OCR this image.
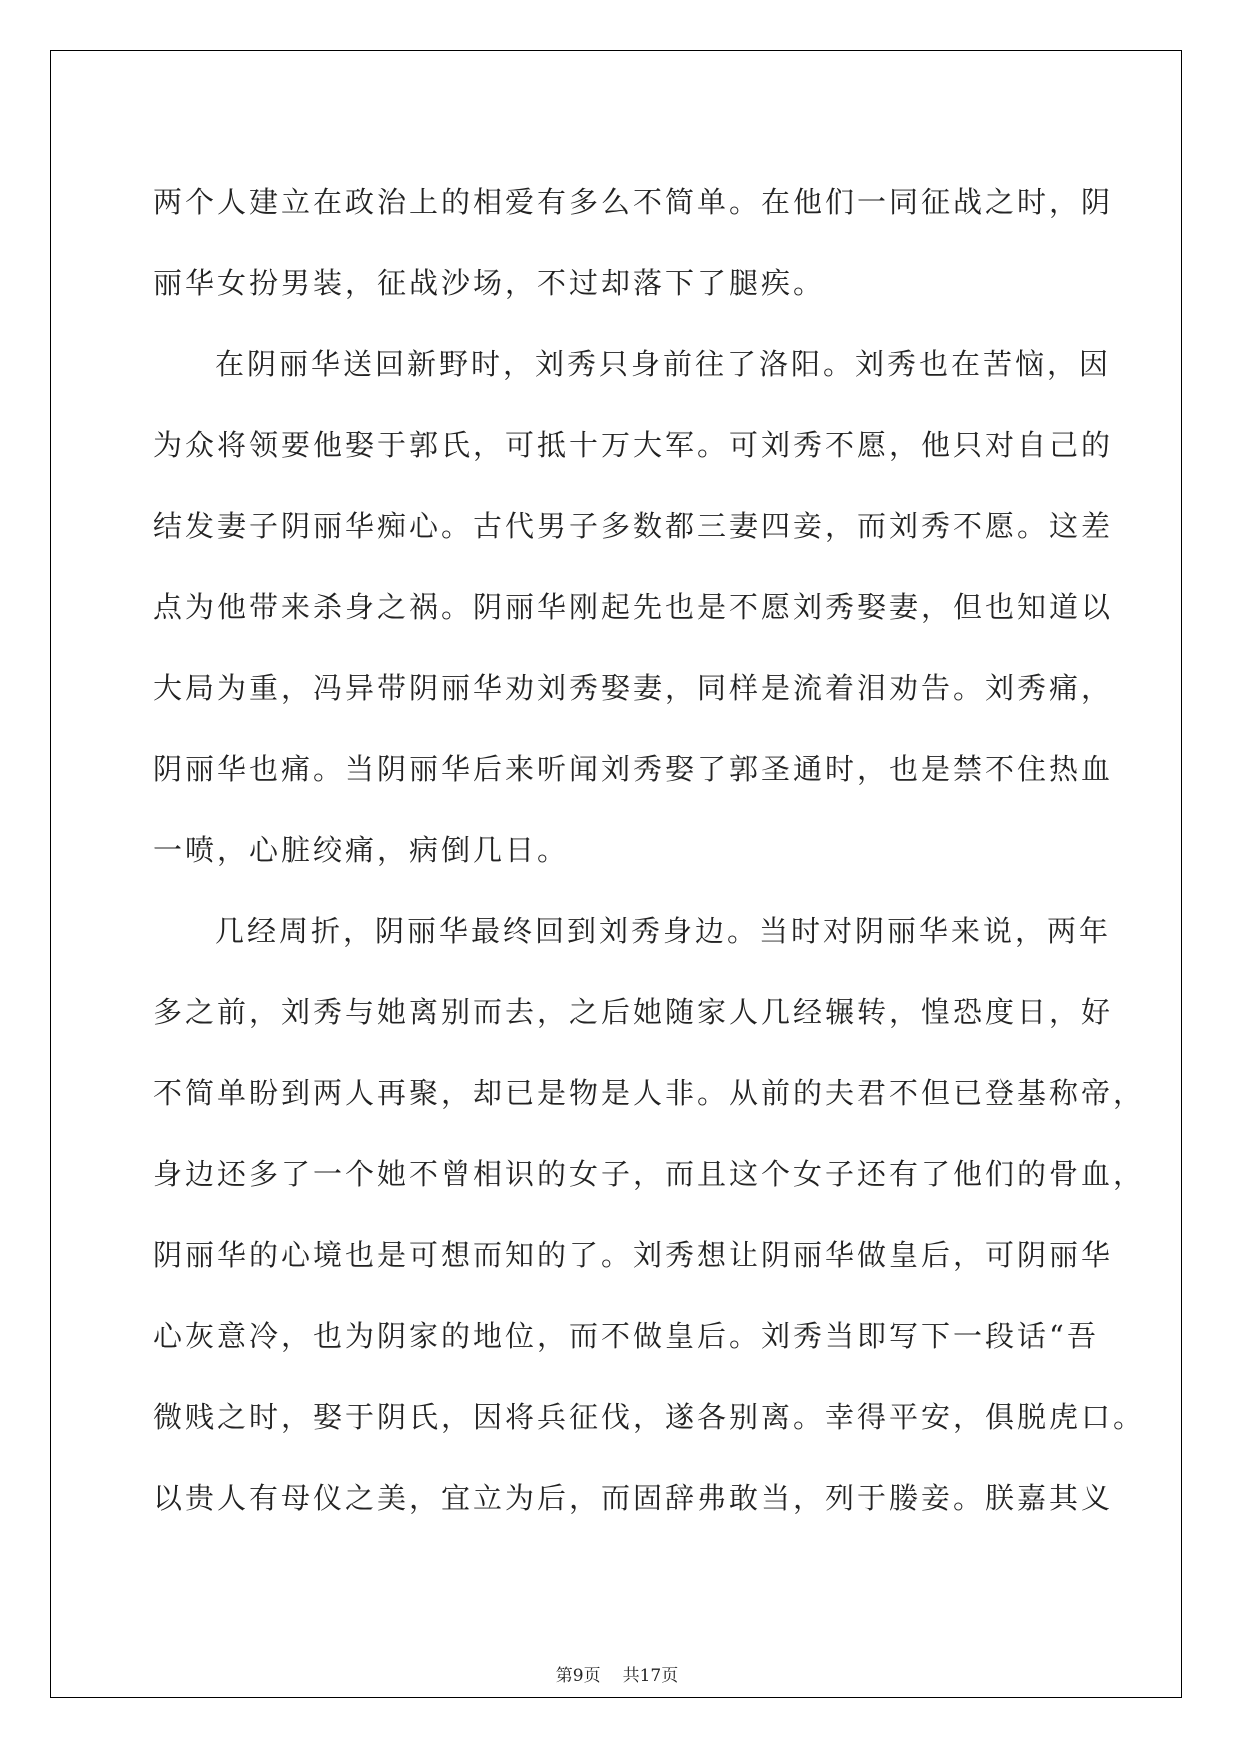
第9页 共17页

两个人建立在政治上的相爱有多么不简单。在他们一同征战之时，阴
丽华女扮男装，征战沙场，不过却落下了腿疾。

在阴丽华送回新野时，刘秀只身前往了洛阳。刘秀也在苦恼，因
为众将领要他娶于郭氏，可抵十万大军。可刘秀不愿，他只对自己的
结发妻子阴丽华痴心。古代男子多数都三妻四妾，而刘秀不愿。这差
点为他带来杀身之祸。阴丽华刚起先也是不愿刘秀娶妻，但也知道以
大局为重，冯异带阴丽华劝刘秀娶妻，同样是流着泪劝告。刘秀痛，
阴丽华也痛。当阴丽华后来听闻刘秀娶了郭圣通时，也是禁不住热血
一喷，心脏绞痛，病倒几日。

几经周折，阴丽华最终回到刘秀身边。当时对阴丽华来说，两年
多之前，刘秀与她离别而去，之后她随家人几经辗转，惶恐度日，好
不简单盼到两人再聚，却已是物是人非。从前的夫君不但已登基称帝，
身边还多了一个她不曾相识的女子，而且这个女子还有了他们的骨血，
阴丽华的心境也是可想而知的了。刘秀想让阴丽华做皇后，可阴丽华
心灰意冷，也为阴家的地位，而不做皇后。刘秀当即写下一段话“吾
微贱之时，娶于阴氏，因将兵征伐，遂各别离。幸得平安，俱脱虎口。
以贵人有母仪之美，宜立为后，而固辞弗敢当，列于媵妾。朕嘉其义
